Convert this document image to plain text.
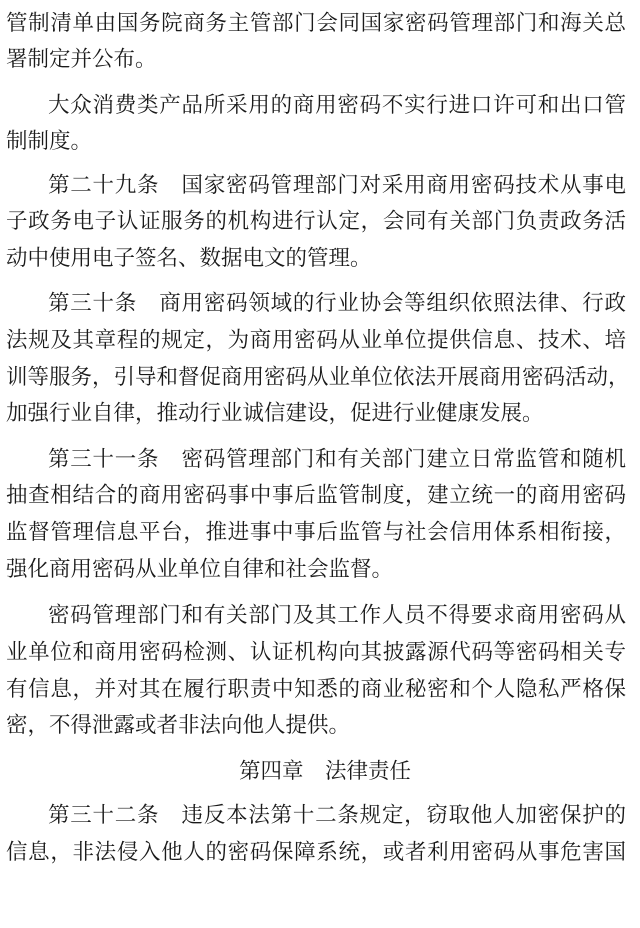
管制清单由国务院商务主管部门会同国家密码管理部门和海关总
署制定并公布。
大众消费类产品所采用的商用密码不实行进口许可和出口管
制制度。
第二十九条　国家密码管理部门对采用商用密码技术从事电
子政务电子认证服务的机构进行认定，会同有关部门负责政务活
动中使用电子签名、数据电文的管理。
第三十条　商用密码领域的行业协会等组织依照法律、行政
法规及其章程的规定，为商用密码从业单位提供信息、技术、培
训等服务，引导和督促商用密码从业单位依法开展商用密码活动，
加强行业自律，推动行业诚信建设，促进行业健康发展。
第三十一条　密码管理部门和有关部门建立日常监管和随机
抽查相结合的商用密码事中事后监管制度，建立统一的商用密码
监督管理信息平台，推进事中事后监管与社会信用体系相衔接，
强化商用密码从业单位自律和社会监督。
密码管理部门和有关部门及其工作人员不得要求商用密码从
业单位和商用密码检测、认证机构向其披露源代码等密码相关专
有信息，并对其在履行职责中知悉的商业秘密和个人隐私严格保
密，不得泄露或者非法向他人提供。
第四章　法律责任
第三十二条　违反本法第十二条规定，窃取他人加密保护的
信息，非法侵入他人的密码保障系统，或者利用密码从事危害国
